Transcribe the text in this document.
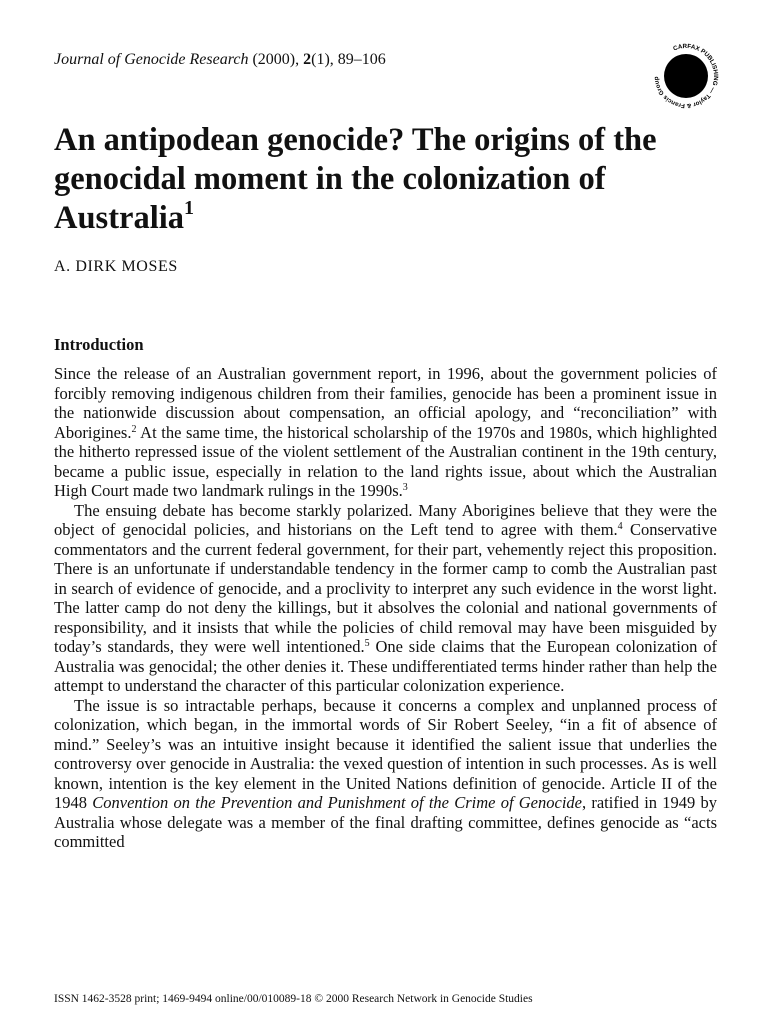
Journal of Genocide Research (2000), 2(1), 89–106
CARFAX PUBLISHING — Taylor & Francis Group
An antipodean genocide? The origins of the genocidal moment in the colonization of Australia$^1$
A. DIRK MOSES
Introduction

Since the release of an Australian government report, in 1996, about the government policies of forcibly removing indigenous children from their families, genocide has been a prominent issue in the nationwide discussion about compensation, an official apology, and “reconciliation” with Aborigines.$^2$ At the same time, the historical scholarship of the 1970s and 1980s, which highlighted the hitherto repressed issue of the violent settlement of the Australian continent in the 19th century, became a public issue, especially in relation to the land rights issue, about which the Australian High Court made two landmark rulings in the 1990s.$^3$

The ensuing debate has become starkly polarized. Many Aborigines believe that they were the object of genocidal policies, and historians on the Left tend to agree with them.$^4$ Conservative commentators and the current federal government, for their part, vehemently reject this proposition. There is an unfortunate if understandable tendency in the former camp to comb the Australian past in search of evidence of genocide, and a proclivity to interpret any such evidence in the worst light. The latter camp do not deny the killings, but it absolves the colonial and national governments of responsibility, and it insists that while the policies of child removal may have been misguided by today’s standards, they were well intentioned.$^5$ One side claims that the European colonization of Australia was genocidal; the other denies it. These undifferentiated terms hinder rather than help the attempt to understand the character of this particular colonization experience.

The issue is so intractable perhaps, because it concerns a complex and unplanned process of colonization, which began, in the immortal words of Sir Robert Seeley, “in a fit of absence of mind.” Seeley’s was an intuitive insight because it identified the salient issue that underlies the controversy over genocide in Australia: the vexed question of intention in such processes. As is well known, intention is the key element in the United Nations definition of genocide. Article II of the 1948 Convention on the Prevention and Punishment of the Crime of Genocide, ratified in 1949 by Australia whose delegate was a member of the final drafting committee, defines genocide as “acts committed

ISSN 1462-3528 print; 1469-9494 online/00/010089-18 © 2000 Research Network in Genocide Studies
